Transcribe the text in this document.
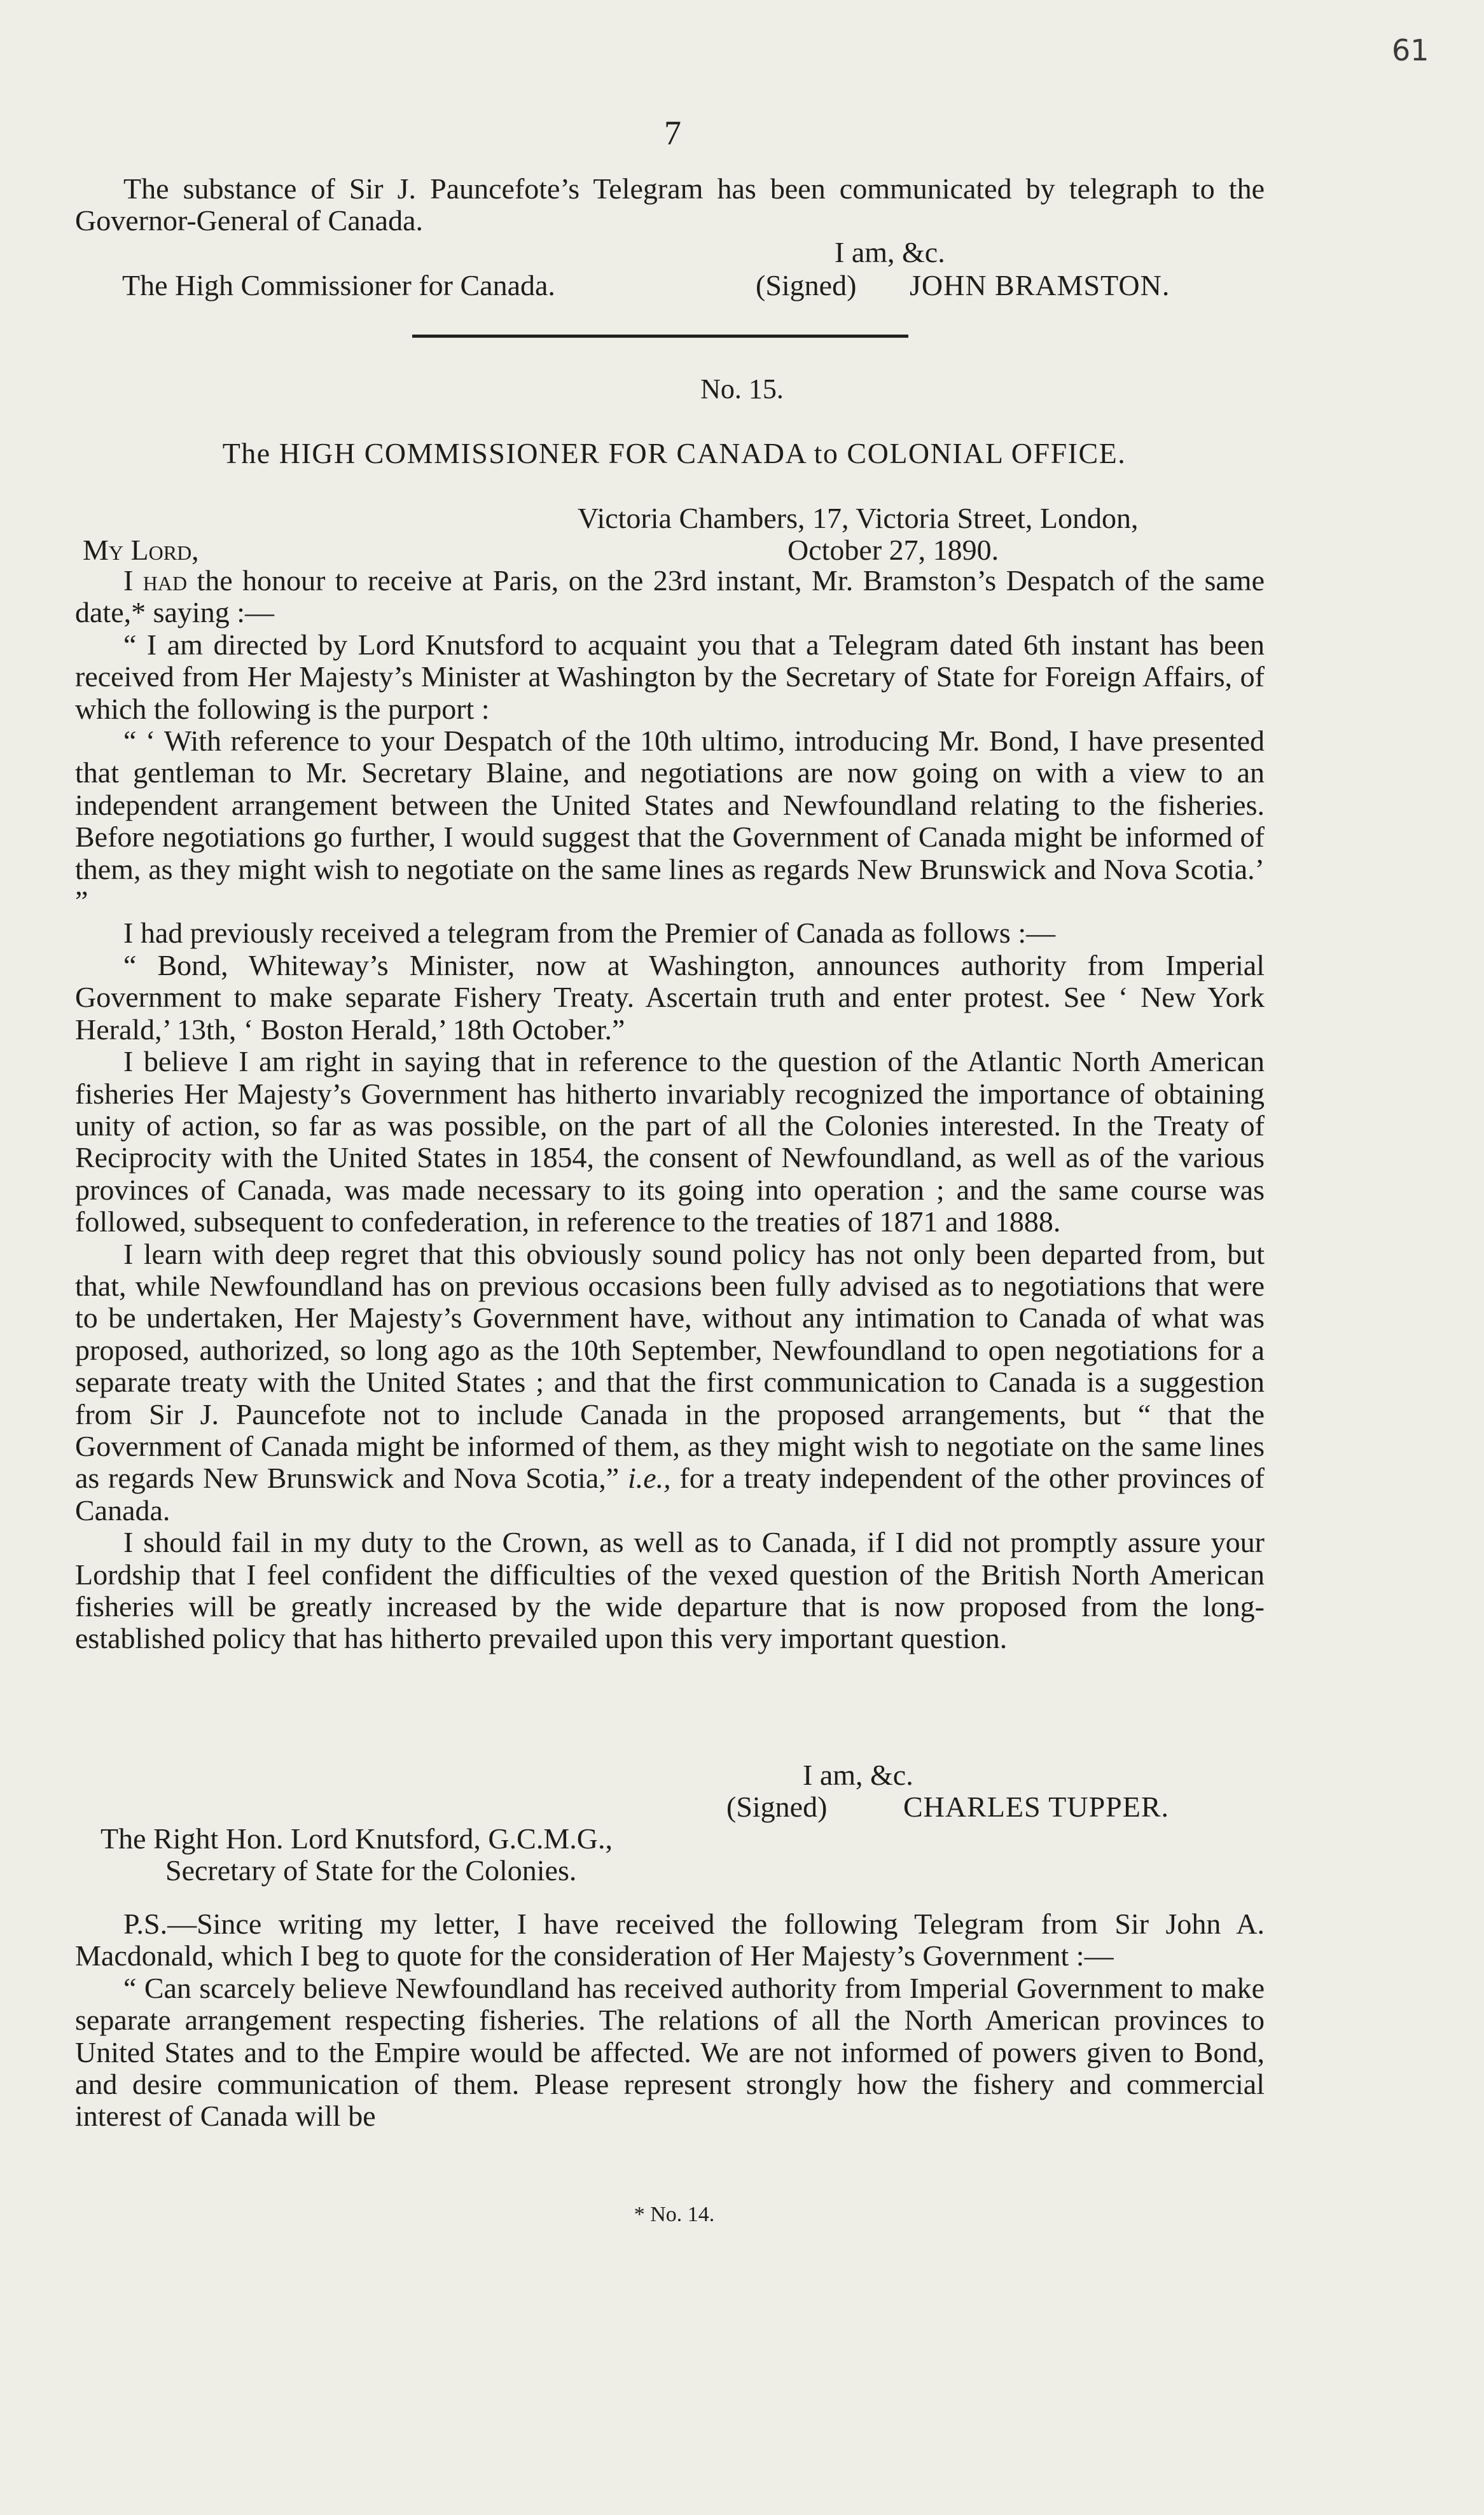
61
7

The substance of Sir J. Pauncefote’s Telegram has been communicated by telegraph to the Governor-General of Canada.

I am, &c.
The High Commissioner for Canada.	(Signed) JOHN BRAMSTON.
No. 15.
The HIGH COMMISSIONER FOR CANADA to COLONIAL OFFICE.
Victoria Chambers, 17, Victoria Street, London,
My Lord,	October 27, 1890.

I had the honour to receive at Paris, on the 23rd instant, Mr. Bramston’s Despatch of the same date,* saying :—

“ I am directed by Lord Knutsford to acquaint you that a Telegram dated 6th instant has been received from Her Majesty’s Minister at Washington by the Secretary of State for Foreign Affairs, of which the following is the purport :

“ ‘ With reference to your Despatch of the 10th ultimo, introducing Mr. Bond, I have presented that gentleman to Mr. Secretary Blaine, and negotiations are now going on with a view to an independent arrangement between the United States and Newfoundland relating to the fisheries. Before negotiations go further, I would suggest that the Government of Canada might be informed of them, as they might wish to negotiate on the same lines as regards New Brunswick and Nova Scotia.’ ”

I had previously received a telegram from the Premier of Canada as follows :—

“ Bond, Whiteway’s Minister, now at Washington, announces authority from Imperial Government to make separate Fishery Treaty. Ascertain truth and enter protest. See ‘ New York Herald,’ 13th, ‘ Boston Herald,’ 18th October.”

I believe I am right in saying that in reference to the question of the Atlantic North American fisheries Her Majesty’s Government has hitherto invariably recognized the importance of obtaining unity of action, so far as was possible, on the part of all the Colonies interested. In the Treaty of Reciprocity with the United States in 1854, the consent of Newfoundland, as well as of the various provinces of Canada, was made necessary to its going into operation ; and the same course was followed, subsequent to confederation, in reference to the treaties of 1871 and 1888.

I learn with deep regret that this obviously sound policy has not only been departed from, but that, while Newfoundland has on previous occasions been fully advised as to negotiations that were to be undertaken, Her Majesty’s Government have, without any intimation to Canada of what was proposed, authorized, so long ago as the 10th September, Newfoundland to open negotiations for a separate treaty with the United States ; and that the first communication to Canada is a suggestion from Sir J. Pauncefote not to include Canada in the proposed arrangements, but “ that the Government of Canada might be informed of them, as they might wish to negotiate on the same lines as regards New Brunswick and Nova Scotia,” i.e., for a treaty independent of the other provinces of Canada.

I should fail in my duty to the Crown, as well as to Canada, if I did not promptly assure your Lordship that I feel confident the difficulties of the vexed question of the British North American fisheries will be greatly increased by the wide departure that is now proposed from the long-established policy that has hitherto prevailed upon this very important question.

I am, &c.
(Signed)	CHARLES TUPPER.
The Right Hon. Lord Knutsford, G.C.M.G.,
Secretary of State for the Colonies.

P.S.—Since writing my letter, I have received the following Telegram from Sir John A. Macdonald, which I beg to quote for the consideration of Her Majesty’s Government :—

“ Can scarcely believe Newfoundland has received authority from Imperial Government to make separate arrangement respecting fisheries. The relations of all the North American provinces to United States and to the Empire would be affected. We are not informed of powers given to Bond, and desire communication of them. Please represent strongly how the fishery and commercial interest of Canada will be

* No. 14.
